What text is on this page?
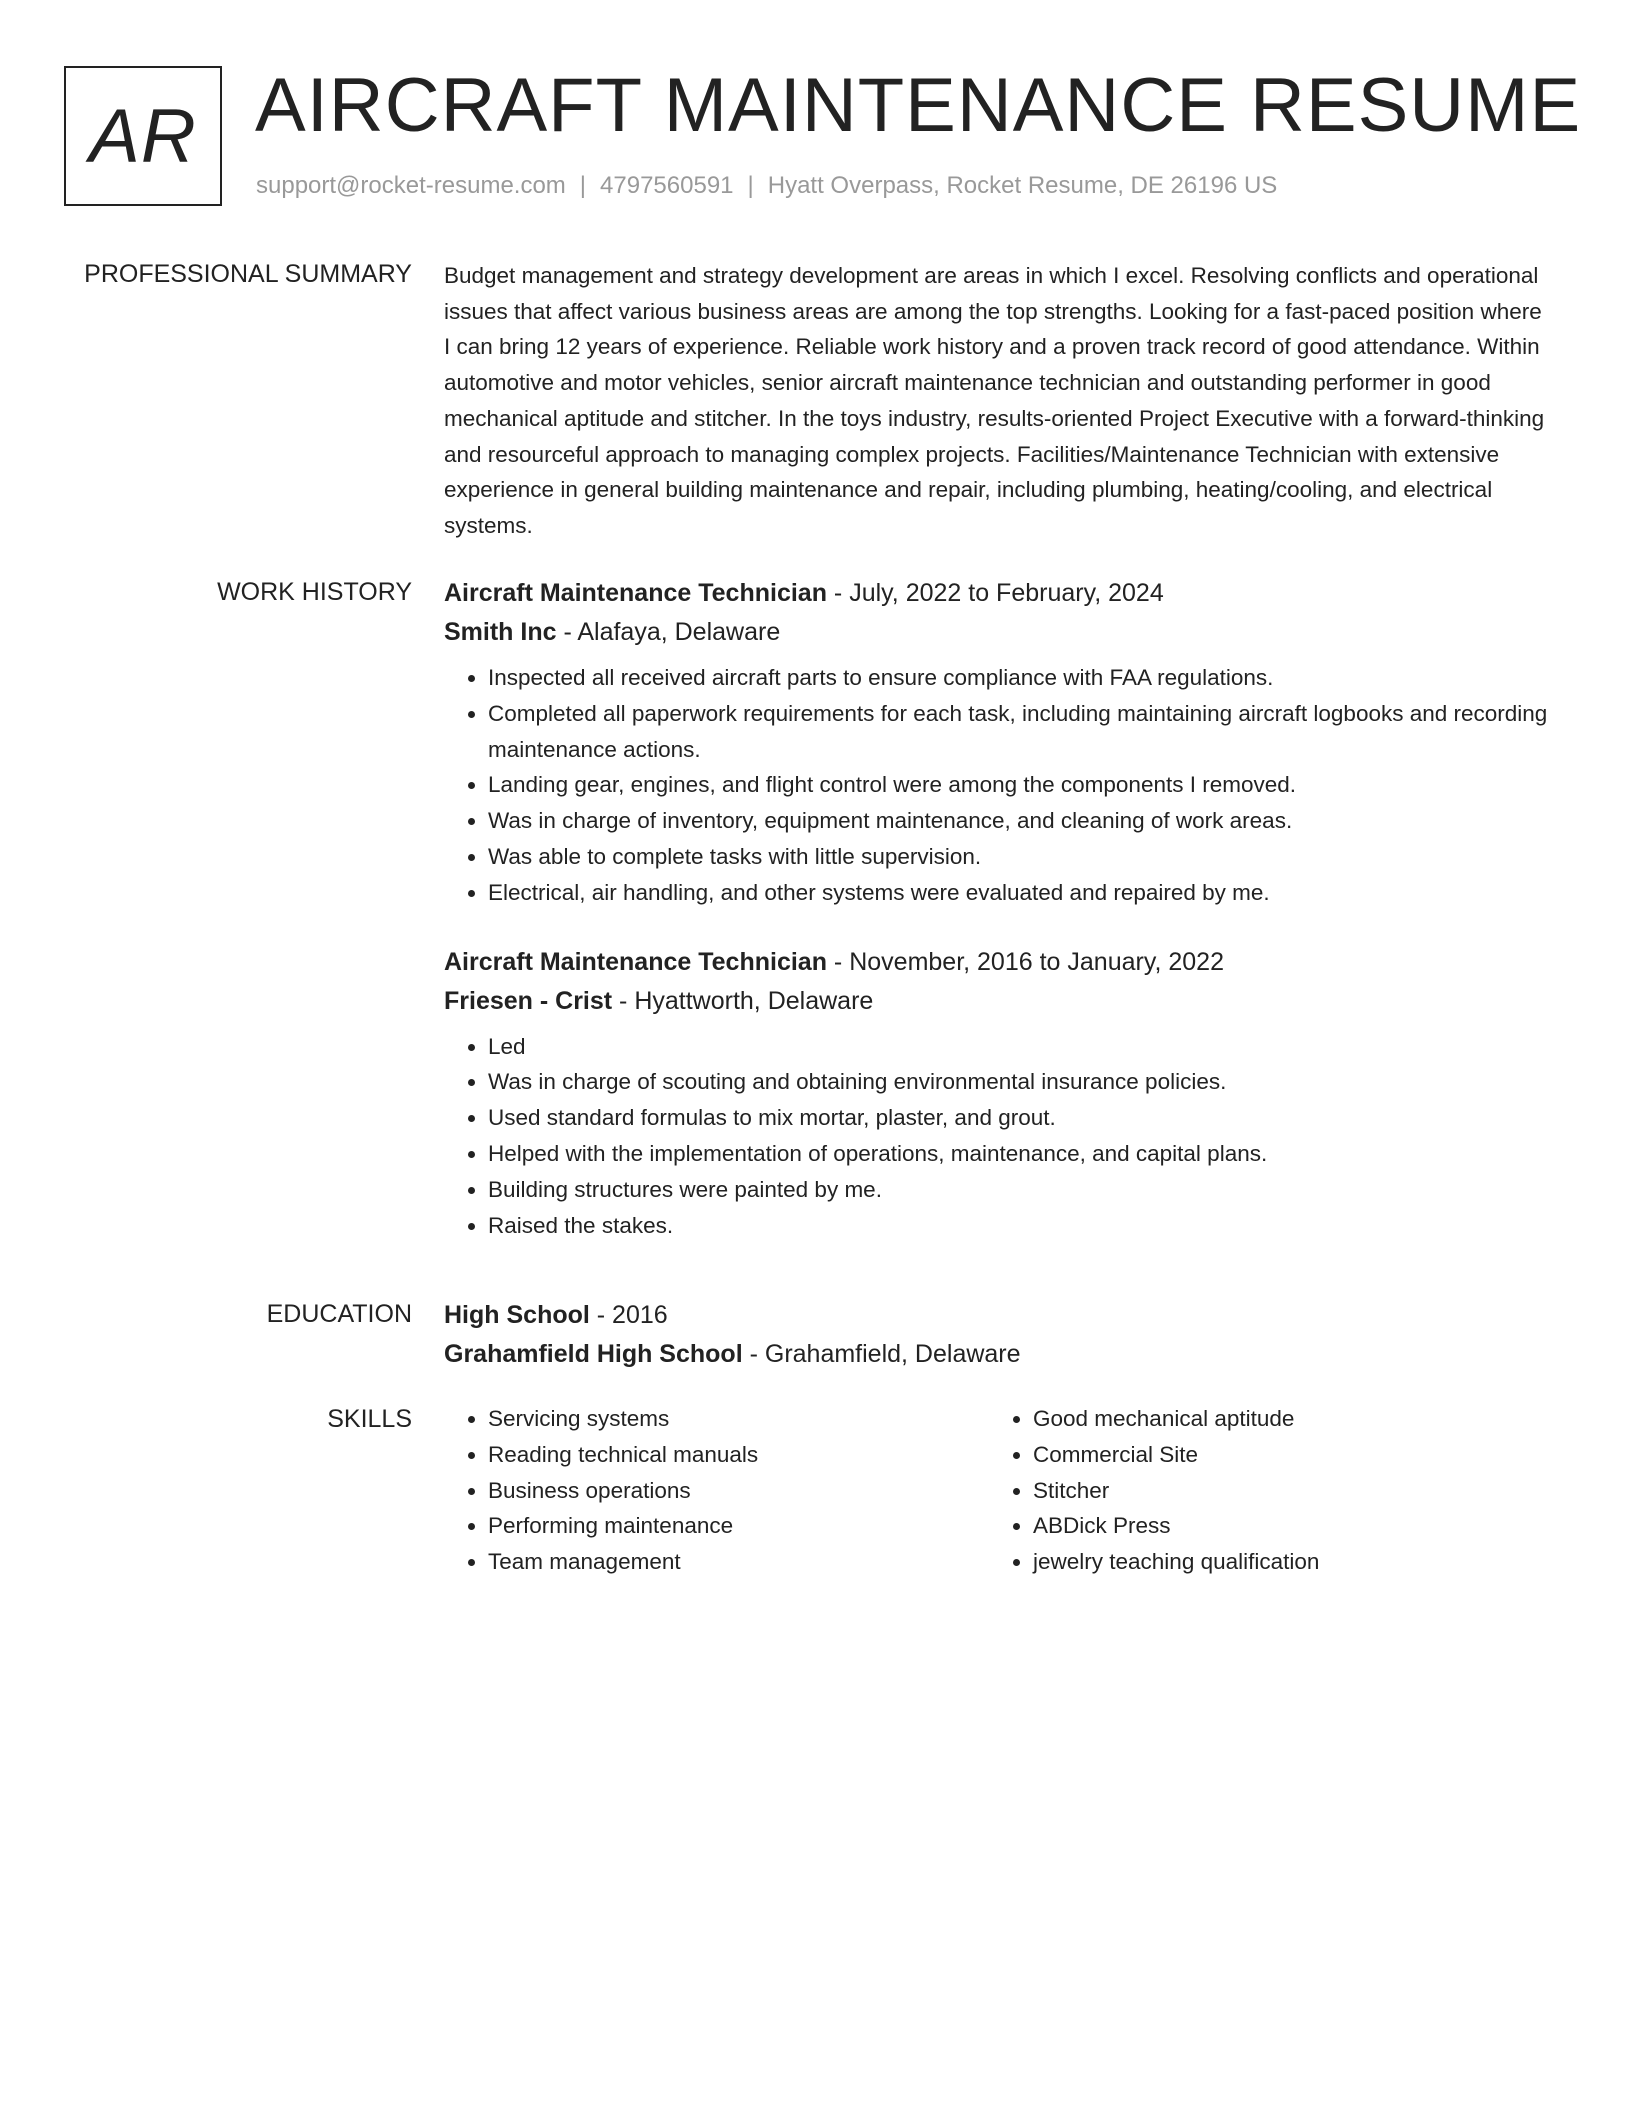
AR AIRCRAFT MAINTENANCE RESUME
support@rocket-resume.com | 4797560591 | Hyatt Overpass, Rocket Resume, DE 26196 US
PROFESSIONAL SUMMARY Budget management and strategy development are areas in which I excel. Resolving conflicts and operational issues that affect various business areas are among the top strengths. Looking for a fast-paced position where I can bring 12 years of experience. Reliable work history and a proven track record of good attendance. Within automotive and motor vehicles, senior aircraft maintenance technician and outstanding performer in good mechanical aptitude and stitcher. In the toys industry, results-oriented Project Executive with a forward-thinking and resourceful approach to managing complex projects. Facilities/Maintenance Technician with extensive experience in general building maintenance and repair, including plumbing, heating/cooling, and electrical systems.

WORK HISTORY Aircraft Maintenance Technician - July, 2022 to February, 2024
Smith Inc - Alafaya, Delaware
• Inspected all received aircraft parts to ensure compliance with FAA regulations.
• Completed all paperwork requirements for each task, including maintaining aircraft logbooks and recording maintenance actions.
• Landing gear, engines, and flight control were among the components I removed.
• Was in charge of inventory, equipment maintenance, and cleaning of work areas.
• Was able to complete tasks with little supervision.
• Electrical, air handling, and other systems were evaluated and repaired by me.
Aircraft Maintenance Technician - November, 2016 to January, 2022
Friesen - Crist - Hyattworth, Delaware
• Led
• Was in charge of scouting and obtaining environmental insurance policies.
• Used standard formulas to mix mortar, plaster, and grout.
• Helped with the implementation of operations, maintenance, and capital plans.
• Building structures were painted by me.
• Raised the stakes.
EDUCATION High School - 2016
Grahamfield High School - Grahamfield, Delaware
SKILLS
•	Servicing systems
• Reading technical manuals
• Business operations
• Performing maintenance
• Team management
• Good mechanical aptitude
• Commercial Site
• Stitcher
• ABDick Press
• jewelry teaching qualification
